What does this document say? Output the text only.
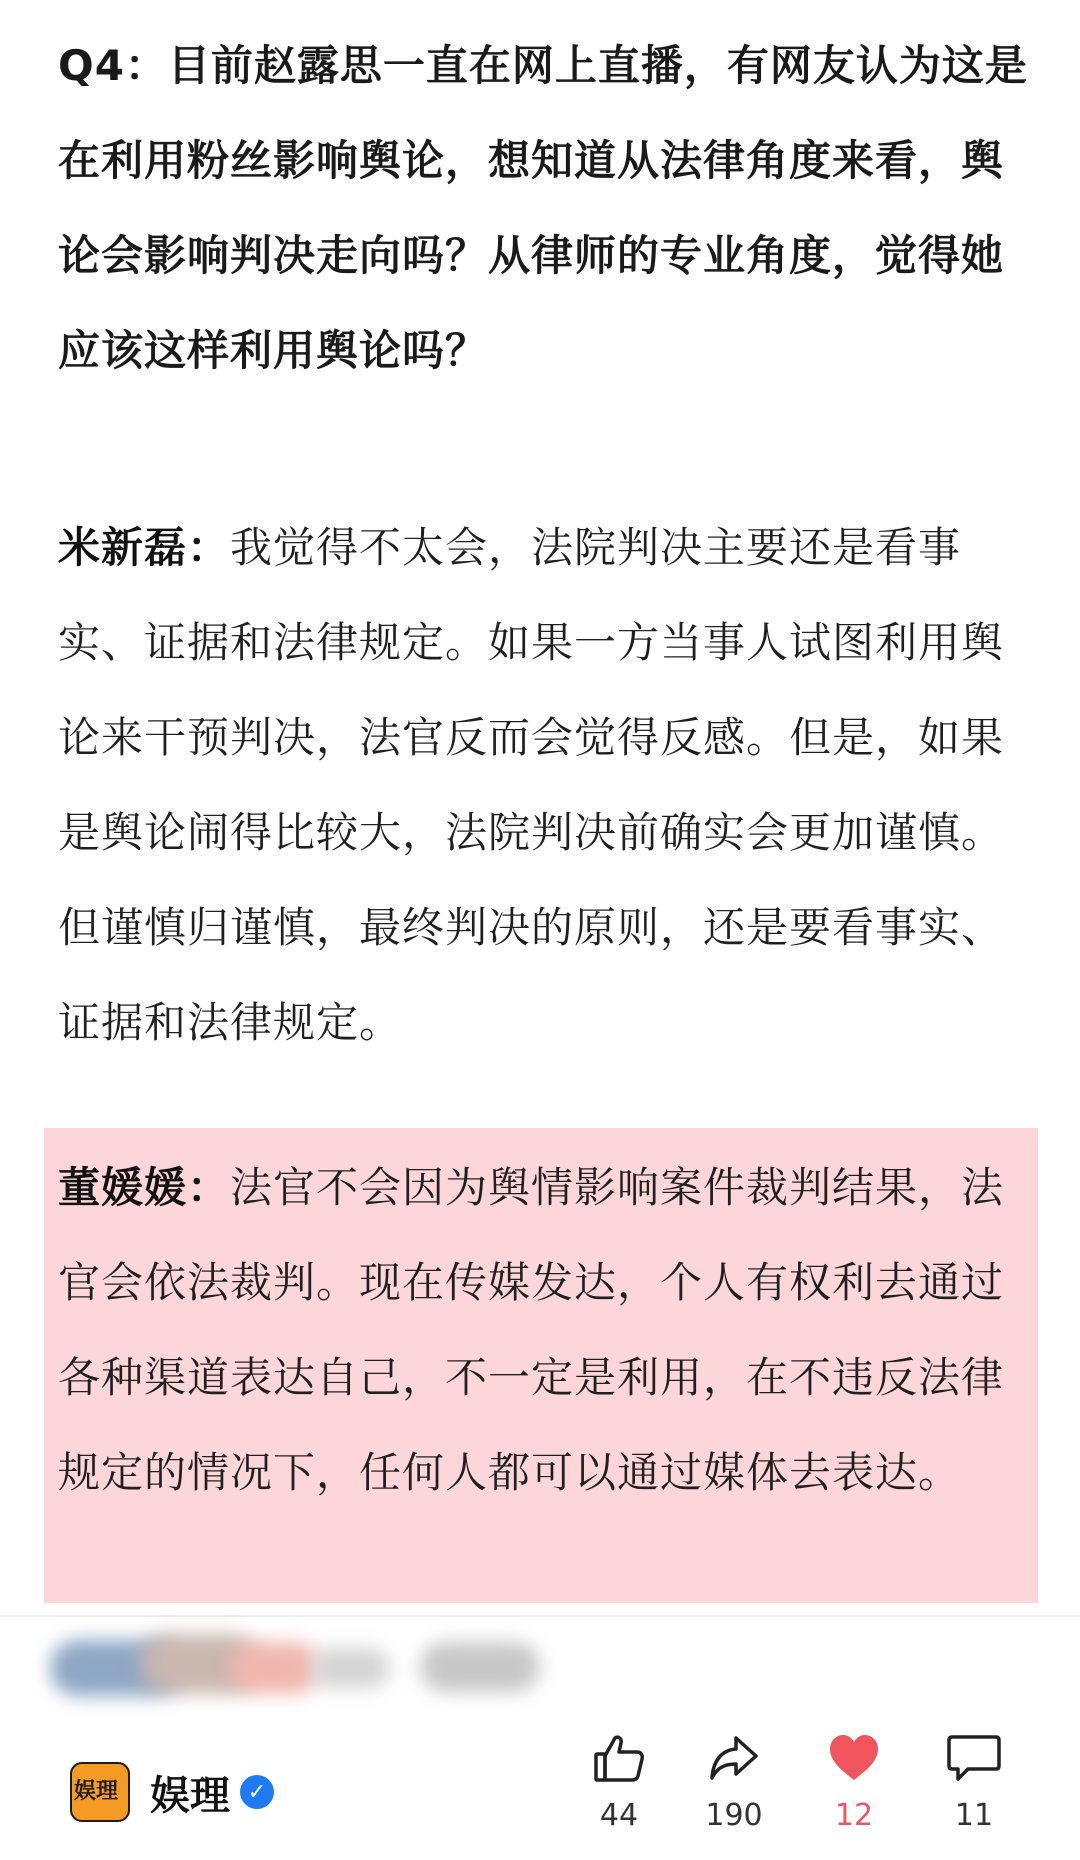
Q4：目前赵露思一直在网上直播，有网友认为这是在利用粉丝影响舆论，想知道从法律角度来看，舆论会影响判决走向吗？从律师的专业角度，觉得她应该这样利用舆论吗？

米新磊：我觉得不太会，法院判决主要还是看事实、证据和法律规定。如果一方当事人试图利用舆论来干预判决，法官反而会觉得反感。但是，如果是舆论闹得比较大，法院判决前确实会更加谨慎。但谨慎归谨慎，最终判决的原则，还是要看事实、证据和法律规定。

董媛媛：法官不会因为舆情影响案件裁判结果，法官会依法裁判。现在传媒发达，个人有权利去通过各种渠道表达自己，不一定是利用，在不违反法律规定的情况下，任何人都可以通过媒体去表达。

娱理 娱理 ✓
44	190	12	11
